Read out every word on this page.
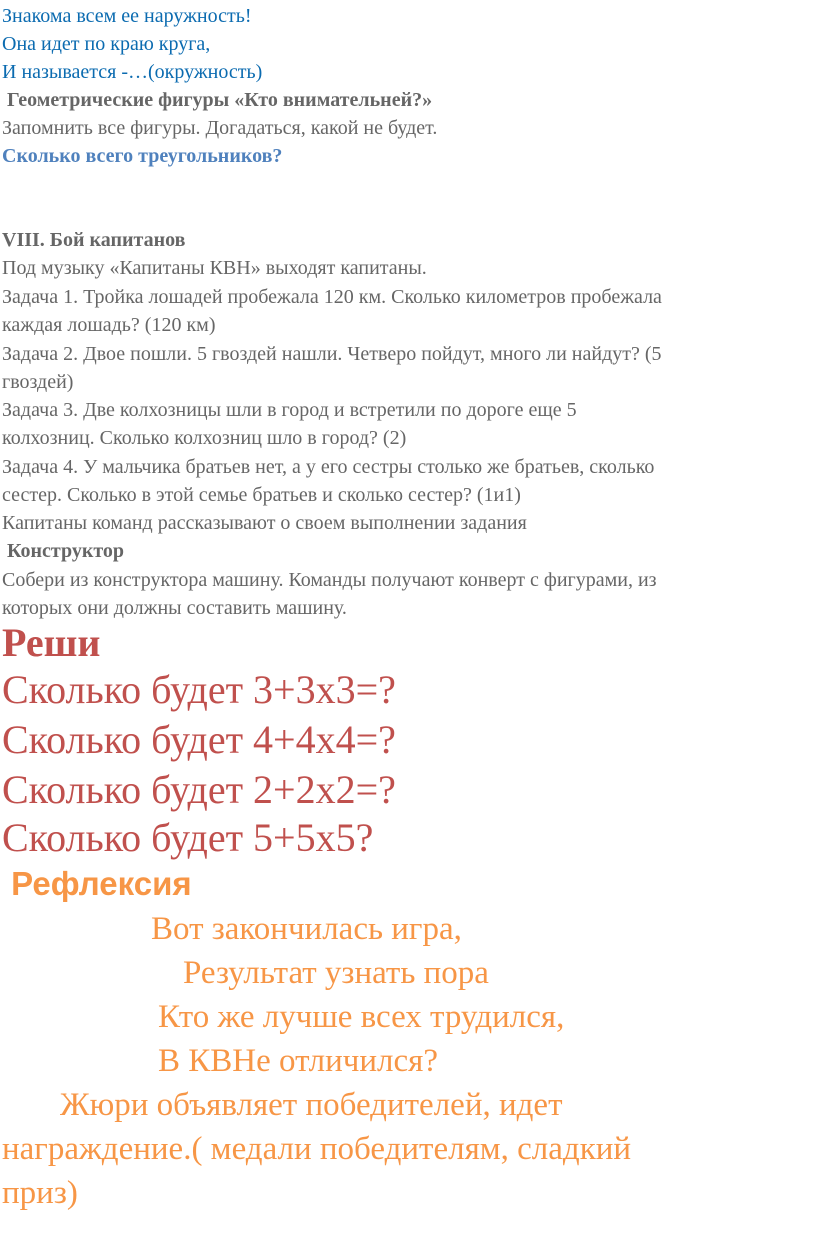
Знакома всем ее наружность!

Она идет по краю круга,

И называется -…(окружность)

Геометрические фигуры «Кто внимательней?»

Запомнить все фигуры. Догадаться, какой не будет.

Сколько всего треугольников?

VIII. Бой капитанов

Под музыку «Капитаны КВН» выходят капитаны.

Задача 1. Тройка лошадей пробежала 120 км. Сколько километров пробежала

каждая лошадь? (120 км)

Задача 2. Двое пошли. 5 гвоздей нашли. Четверо пойдут, много ли найдут? (5

гвоздей)

Задача 3. Две колхозницы шли в город и встретили по дороге еще 5

колхозниц. Сколько колхозниц шло в город? (2)

Задача 4. У мальчика братьев нет, а у его сестры столько же братьев, сколько

сестер. Сколько в этой семье братьев и сколько сестер? (1и1)

Капитаны команд рассказывают о своем выполнении задания

Конструктор

Собери из конструктора машину. Команды получают конверт с фигурами, из

которых они должны составить машину.

Реши

Сколько будет 3+3х3=?

Сколько будет 4+4х4=?

Сколько будет 2+2х2=?

Сколько будет 5+5х5?

Рефлексия

Вот закончилась игра,

Результат узнать пора

Кто же лучше всех трудился,

В КВНе отличился?

Жюри объявляет победителей, идет

награждение.( медали победителям, сладкий

приз)
